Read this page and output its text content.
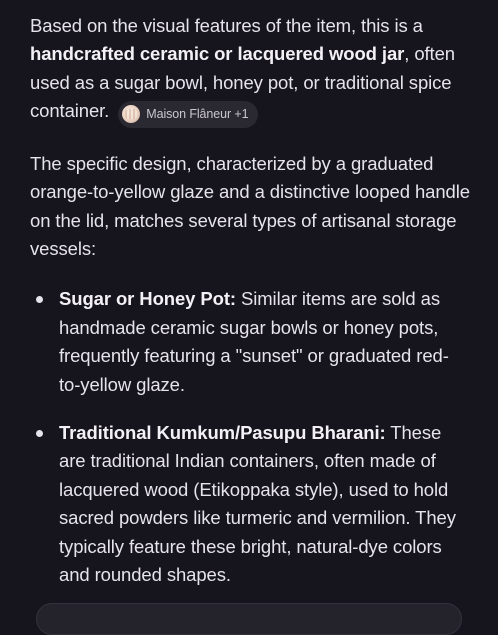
Based on the visual features of the item, this is a handcrafted ceramic or lacquered wood jar, often used as a sugar bowl, honey pot, or traditional spice container.	Maison Flâneur +1

The specific design, characterized by a graduated orange-to-yellow glaze and a distinctive looped handle on the lid, matches several types of artisanal storage vessels:

Sugar or Honey Pot: Similar items are sold as handmade ceramic sugar bowls or honey pots, frequently featuring a "sunset" or graduated red-to-yellow glaze.
Traditional Kumkum/Pasupu Bharani: These are traditional Indian containers, often made of lacquered wood (Etikoppaka style), used to hold sacred powders like turmeric and vermilion. They typically feature these bright, natural-dye colors and rounded shapes.
